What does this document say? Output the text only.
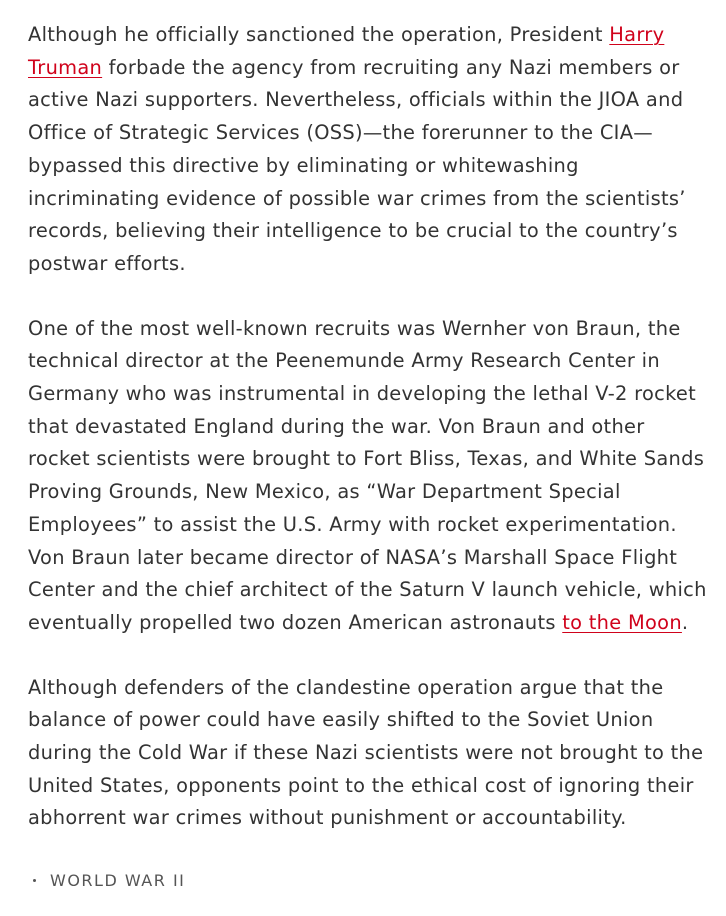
Although he officially sanctioned the operation, President Harry
Truman forbade the agency from recruiting any Nazi members or
active Nazi supporters. Nevertheless, officials within the JIOA and
Office of Strategic Services (OSS)—the forerunner to the CIA—
bypassed this directive by eliminating or whitewashing
incriminating evidence of possible war crimes from the scientists’
records, believing their intelligence to be crucial to the country’s
postwar efforts.

One of the most well-known recruits was Wernher von Braun, the
technical director at the Peenemunde Army Research Center in
Germany who was instrumental in developing the lethal V-2 rocket
that devastated England during the war. Von Braun and other
rocket scientists were brought to Fort Bliss, Texas, and White Sands
Proving Grounds, New Mexico, as “War Department Special
Employees” to assist the U.S. Army with rocket experimentation.
Von Braun later became director of NASA’s Marshall Space Flight
Center and the chief architect of the Saturn V launch vehicle, which
eventually propelled two dozen American astronauts to the Moon.

Although defenders of the clandestine operation argue that the
balance of power could have easily shifted to the Soviet Union
during the Cold War if these Nazi scientists were not brought to the
United States, opponents point to the ethical cost of ignoring their
abhorrent war crimes without punishment or accountability.

WORLD WAR II
